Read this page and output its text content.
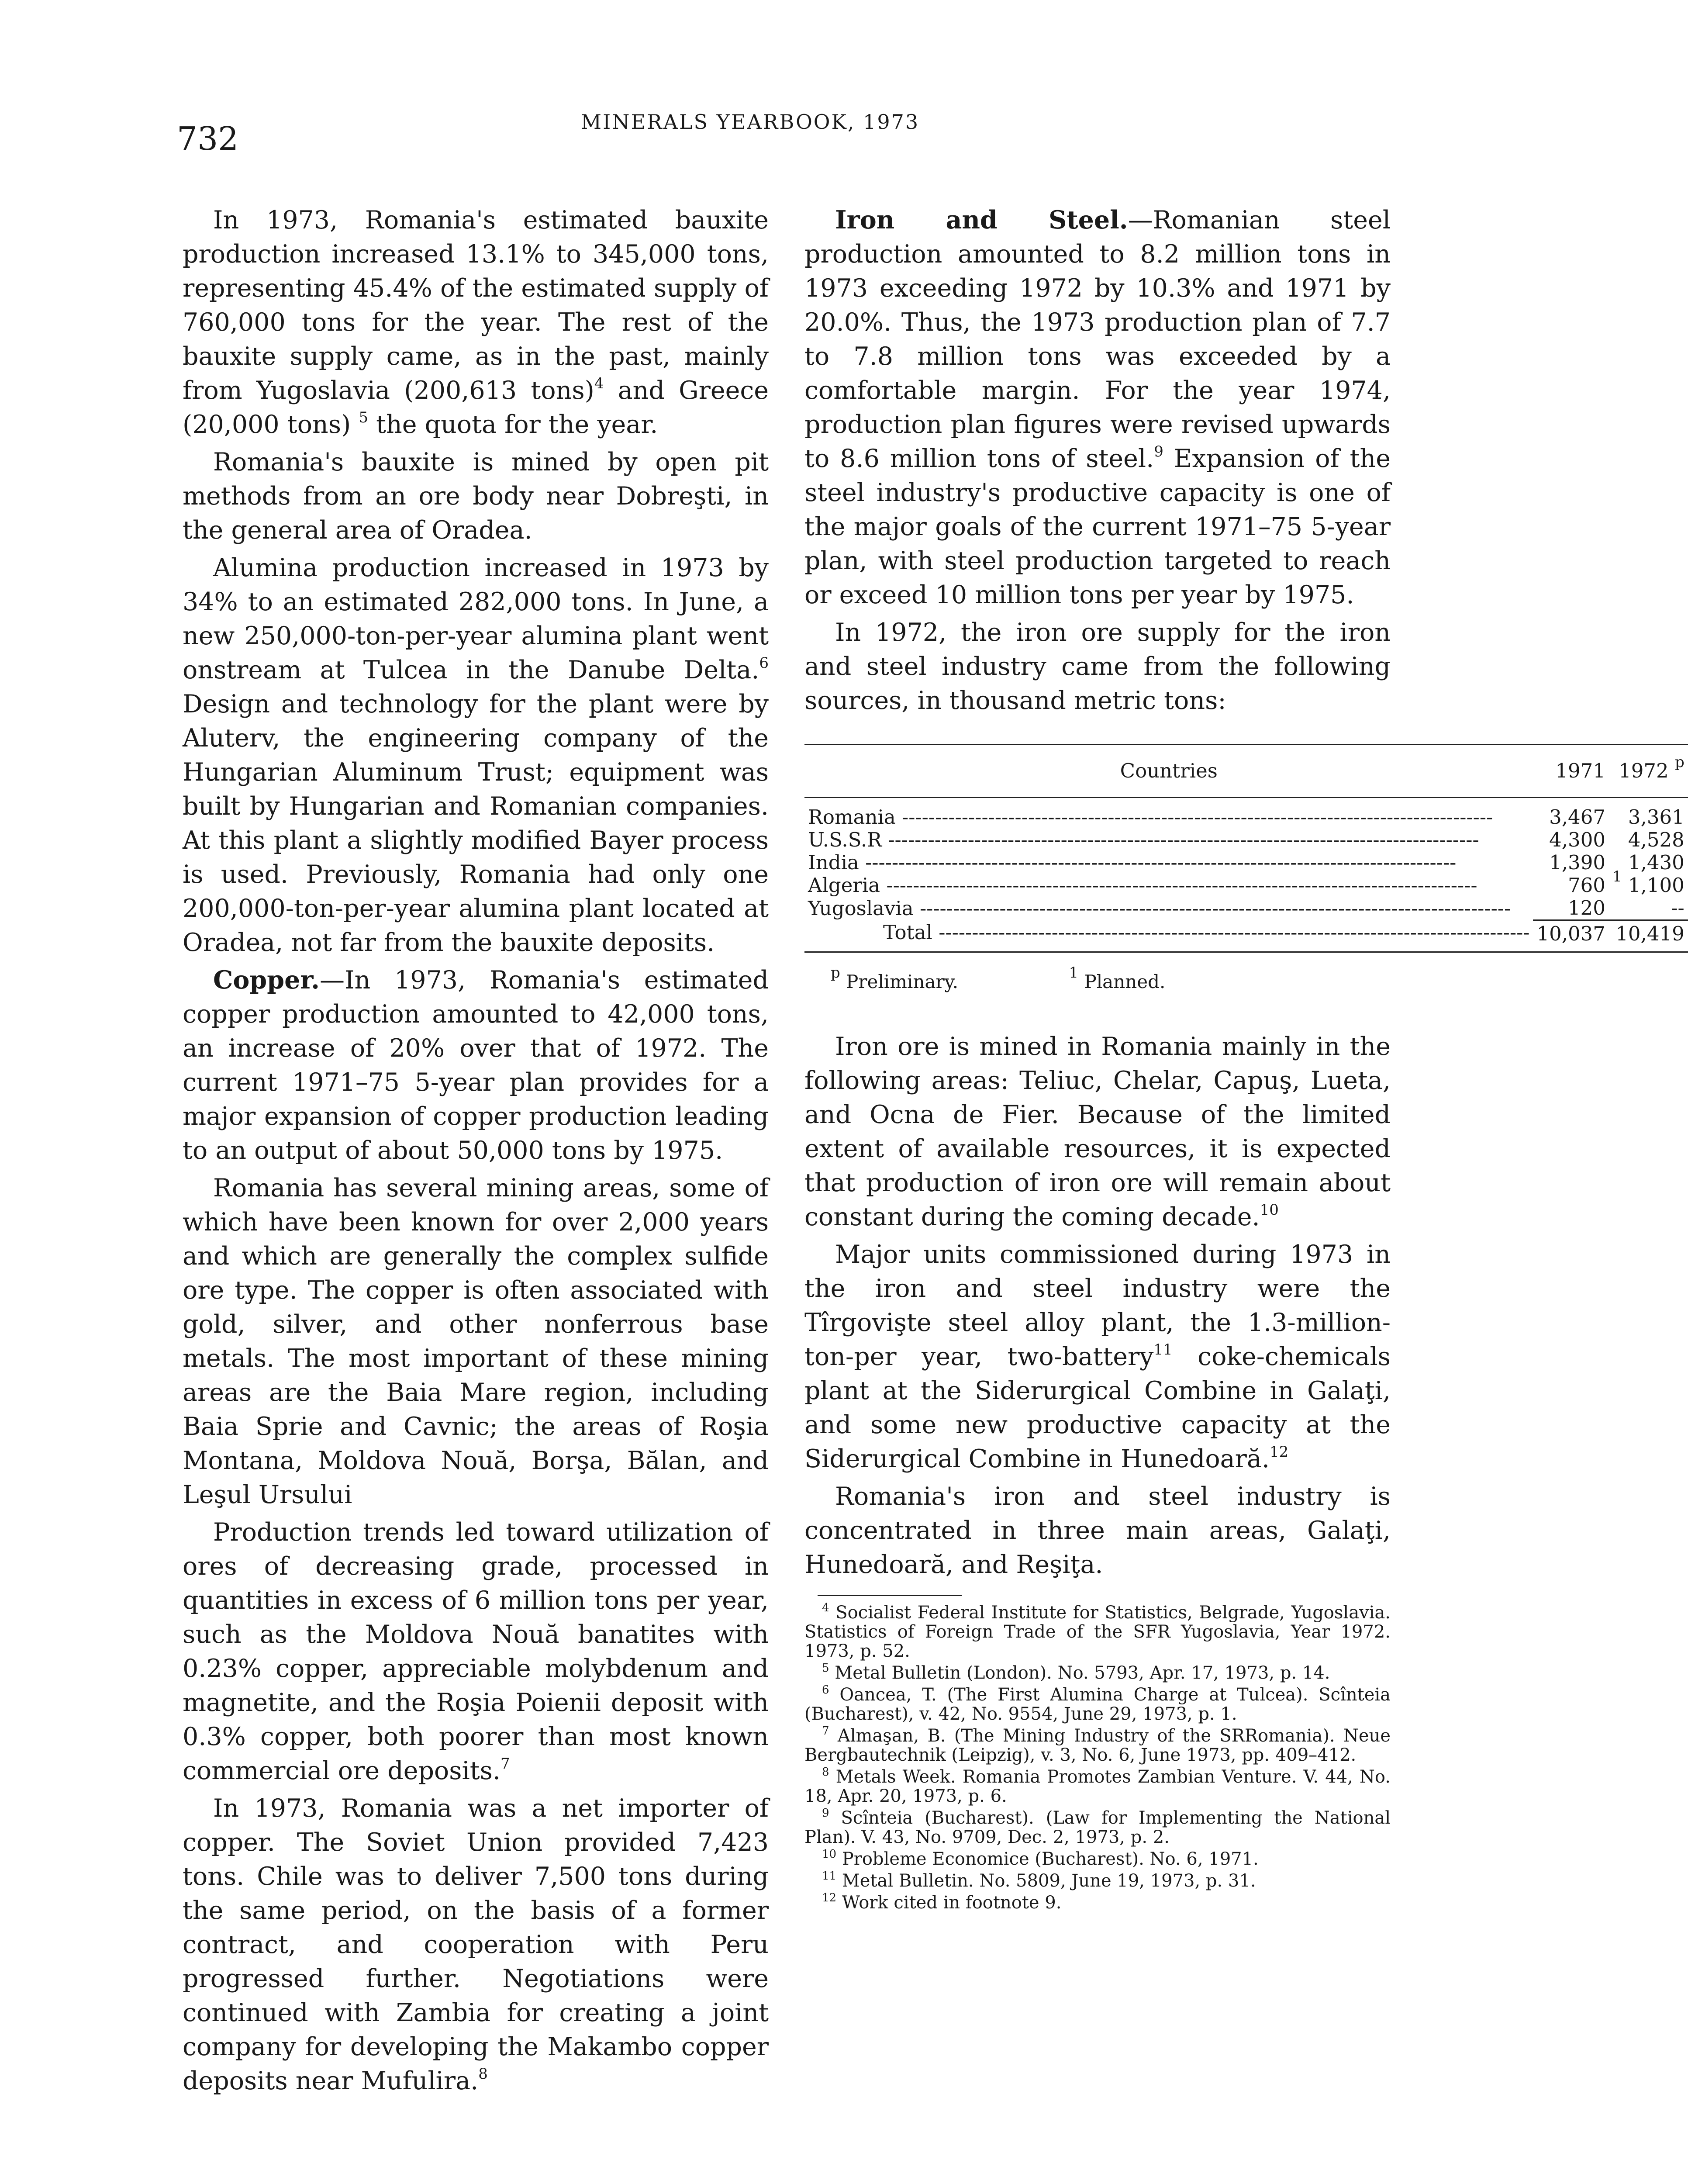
732	MINERALS YEARBOOK, 1973

In 1973, Romania's estimated bauxite production increased 13.1% to 345,000 tons, representing 45.4% of the estimated supply of 760,000 tons for the year. The rest of the bauxite supply came, as in the past, mainly from Yugoslavia (200,613 tons)$^4$ and Greece (20,000 tons) $^5$ the quota for the year.

Romania's bauxite is mined by open pit methods from an ore body near Dobreşti, in the general area of Oradea.

Alumina production increased in 1973 by 34% to an estimated 282,000 tons. In June, a new 250,000-ton-per-year alumina plant went onstream at Tulcea in the Danube Delta.$^6$ Design and technology for the plant were by Aluterv, the engineering company of the Hungarian Aluminum Trust; equipment was built by Hungarian and Romanian companies. At this plant a slightly modified Bayer process is used. Previously, Romania had only one 200,000-ton-per-year alumina plant located at Oradea, not far from the bauxite deposits.

Copper.—In 1973, Romania's estimated copper production amounted to 42,000 tons, an increase of 20% over that of 1972. The current 1971–75 5-year plan provides for a major expansion of copper production leading to an output of about 50,000 tons by 1975.

Romania has several mining areas, some of which have been known for over 2,000 years and which are generally the complex sulfide ore type. The copper is often associated with gold, silver, and other nonferrous base metals. The most important of these mining areas are the Baia Mare region, including Baia Sprie and Cavnic; the areas of Roşia Montana, Moldova Nouă, Borşa, Bălan, and Leşul Ursului

Production trends led toward utilization of ores of decreasing grade, processed in quantities in excess of 6 million tons per year, such as the Moldova Nouă banatites with 0.23% copper, appreciable molybdenum and magnetite, and the Roşia Poienii deposit with 0.3% copper, both poorer than most known commercial ore deposits.$^7$

In 1973, Romania was a net importer of copper. The Soviet Union provided 7,423 tons. Chile was to deliver 7,500 tons during the same period, on the basis of a former contract, and cooperation with Peru progressed further. Negotiations were continued with Zambia for creating a joint company for developing the Makambo copper deposits near Mufulira.$^8$

Iron and Steel.—Romanian steel production amounted to 8.2 million tons in 1973 exceeding 1972 by 10.3% and 1971 by 20.0%. Thus, the 1973 production plan of 7.7 to 7.8 million tons was exceeded by a comfortable margin. For the year 1974, production plan figures were revised upwards to 8.6 million tons of steel.$^9$ Expansion of the steel industry's productive capacity is one of the major goals of the current 1971–75 5-year plan, with steel production targeted to reach or exceed 10 million tons per year by 1975.

In 1972, the iron ore supply for the iron and steel industry came from the following sources, in thousand metric tons:

Countries	1971	1972 $^p$

Romania -----	3,467	3,361

U.S.S.R -----	4,300	4,528

India -----	1,390	1,430

Algeria -----	760	$^1$ 1,100

Yugoslavia -----	120	--

Total -----	10,037	10,419

$^p$ Preliminary.	$^1$ Planned.

Iron ore is mined in Romania mainly in the following areas: Teliuc, Chelar, Capuş, Lueta, and Ocna de Fier. Because of the limited extent of available resources, it is expected that production of iron ore will remain about constant during the coming decade.$^{10}$

Major units commissioned during 1973 in the iron and steel industry were the Tîrgovişte steel alloy plant, the 1.3-million-ton-per year, two-battery$^{11}$ coke-chemicals plant at the Siderurgical Combine in Galaţi, and some new productive capacity at the Siderurgical Combine in Hunedoară.$^{12}$

Romania's iron and steel industry is concentrated in three main areas, Galaţi, Hunedoară, and Reşiţa.

$^4$ Socialist Federal Institute for Statistics, Belgrade, Yugoslavia. Statistics of Foreign Trade of the SFR Yugoslavia, Year 1972. 1973, p. 52.
$^5$ Metal Bulletin (London). No. 5793, Apr. 17, 1973, p. 14.
$^6$ Oancea, T. (The First Alumina Charge at Tulcea). Scînteia (Bucharest), v. 42, No. 9554, June 29, 1973, p. 1.
$^7$ Almaşan, B. (The Mining Industry of the SRRomania). Neue Bergbautechnik (Leipzig), v. 3, No. 6, June 1973, pp. 409–412.
$^8$ Metals Week. Romania Promotes Zambian Venture. V. 44, No. 18, Apr. 20, 1973, p. 6.
$^9$ Scînteia (Bucharest). (Law for Implementing the National Plan). V. 43, No. 9709, Dec. 2, 1973, p. 2.
$^{10}$ Probleme Economice (Bucharest). No. 6, 1971.
$^{11}$ Metal Bulletin. No. 5809, June 19, 1973, p. 31.
$^{12}$ Work cited in footnote 9.
